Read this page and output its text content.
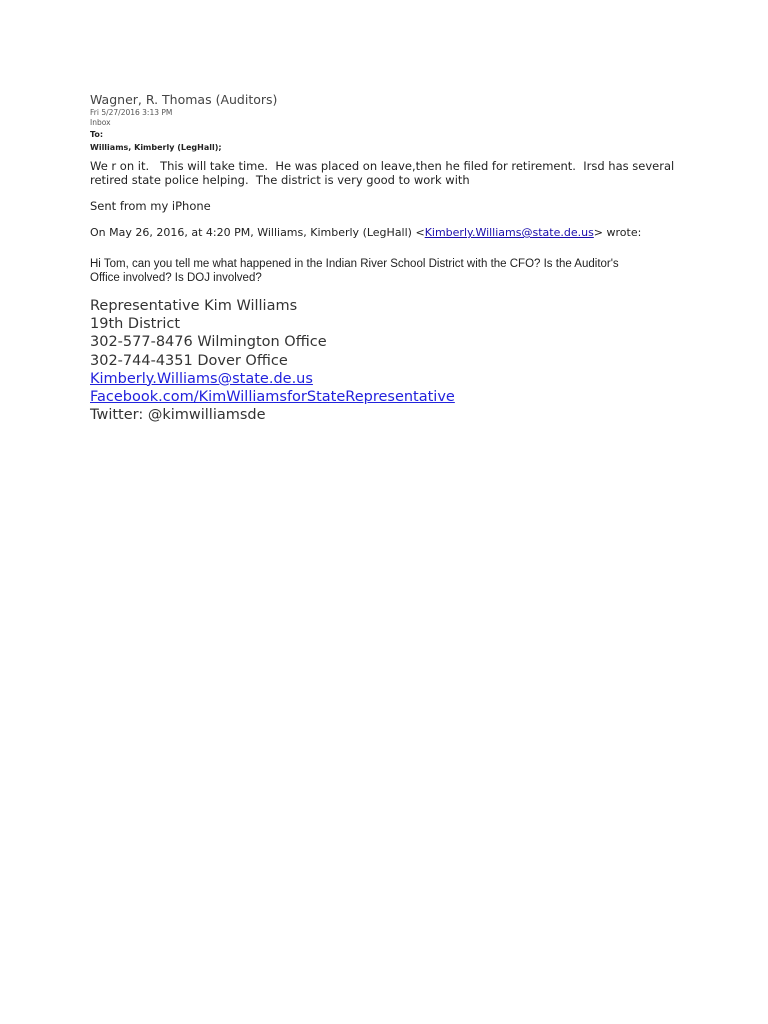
Wagner, R. Thomas (Auditors)
Fri 5/27/2016 3:13 PM
Inbox
To:
Williams, Kimberly (LegHall);
We r on it.   This will take time.  He was placed on leave,then he filed for retirement.  Irsd has several
retired state police helping.  The district is very good to work with
Sent from my iPhone
On May 26, 2016, at 4:20 PM, Williams, Kimberly (LegHall) <Kimberly.Williams@state.de.us> wrote:
Hi Tom, can you tell me what happened in the Indian River School District with the CFO? Is the Auditor's
Office involved? Is DOJ involved?
Representative Kim Williams
19th District
302-577-8476 Wilmington Office
302-744-4351 Dover Office
Kimberly.Williams@state.de.us
Facebook.com/KimWilliamsforStateRepresentative
Twitter: @kimwilliamsde
